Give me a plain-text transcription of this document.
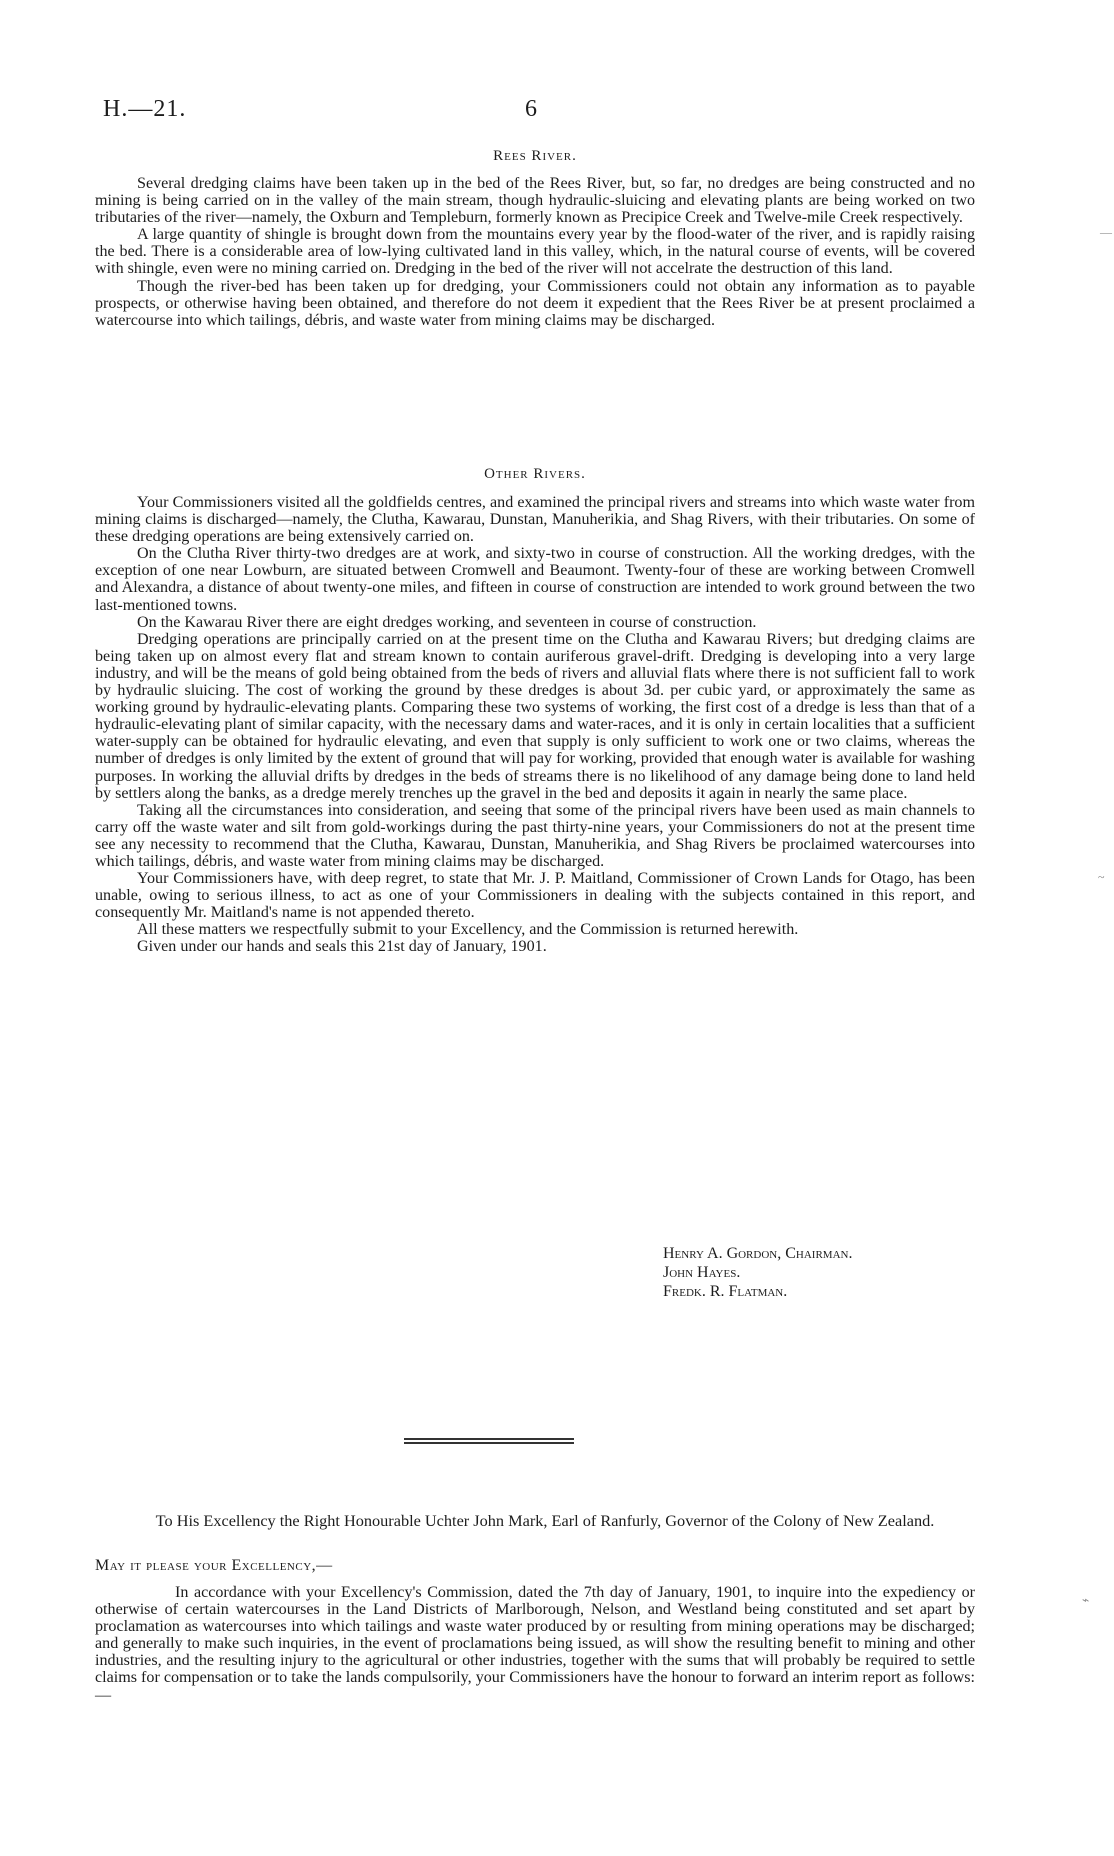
H.—21.	6
Rees River.

Several dredging claims have been taken up in the bed of the Rees River, but, so far, no dredges are being constructed and no mining is being carried on in the valley of the main stream, though hydraulic-sluicing and elevating plants are being worked on two tributaries of the river—namely, the Oxburn and Templeburn, formerly known as Precipice Creek and Twelve-mile Creek respectively.

A large quantity of shingle is brought down from the mountains every year by the flood-water of the river, and is rapidly raising the bed. There is a considerable area of low-lying cultivated land in this valley, which, in the natural course of events, will be covered with shingle, even were no mining carried on. Dredging in the bed of the river will not accelrate the destruction of this land.

Though the river-bed has been taken up for dredging, your Commissioners could not obtain any information as to payable prospects, or otherwise having been obtained, and therefore do not deem it expedient that the Rees River be at present proclaimed a watercourse into which tailings, débris, and waste water from mining claims may be discharged.

Other Rivers.

Your Commissioners visited all the goldfields centres, and examined the principal rivers and streams into which waste water from mining claims is discharged—namely, the Clutha, Kawarau, Dunstan, Manuherikia, and Shag Rivers, with their tributaries. On some of these dredging operations are being extensively carried on.

On the Clutha River thirty-two dredges are at work, and sixty-two in course of construction. All the working dredges, with the exception of one near Lowburn, are situated between Cromwell and Beaumont. Twenty-four of these are working between Cromwell and Alexandra, a distance of about twenty-one miles, and fifteen in course of construction are intended to work ground between the two last-mentioned towns.

On the Kawarau River there are eight dredges working, and seventeen in course of construction.

Dredging operations are principally carried on at the present time on the Clutha and Kawarau Rivers; but dredging claims are being taken up on almost every flat and stream known to contain auriferous gravel-drift. Dredging is developing into a very large industry, and will be the means of gold being obtained from the beds of rivers and alluvial flats where there is not sufficient fall to work by hydraulic sluicing. The cost of working the ground by these dredges is about 3d. per cubic yard, or approximately the same as working ground by hydraulic-elevating plants. Comparing these two systems of working, the first cost of a dredge is less than that of a hydraulic-elevating plant of similar capacity, with the necessary dams and water-races, and it is only in certain localities that a sufficient water-supply can be obtained for hydraulic elevating, and even that supply is only sufficient to work one or two claims, whereas the number of dredges is only limited by the extent of ground that will pay for working, provided that enough water is available for washing purposes. In working the alluvial drifts by dredges in the beds of streams there is no likelihood of any damage being done to land held by settlers along the banks, as a dredge merely trenches up the gravel in the bed and deposits it again in nearly the same place.

Taking all the circumstances into consideration, and seeing that some of the principal rivers have been used as main channels to carry off the waste water and silt from gold-workings during the past thirty-nine years, your Commissioners do not at the present time see any necessity to recommend that the Clutha, Kawarau, Dunstan, Manuherikia, and Shag Rivers be proclaimed watercourses into which tailings, débris, and waste water from mining claims may be discharged.

Your Commissioners have, with deep regret, to state that Mr. J. P. Maitland, Commissioner of Crown Lands for Otago, has been unable, owing to serious illness, to act as one of your Commissioners in dealing with the subjects contained in this report, and consequently Mr. Maitland's name is not appended thereto.

All these matters we respectfully submit to your Excellency, and the Commission is returned herewith.

Given under our hands and seals this 21st day of January, 1901.

Henry A. Gordon, Chairman.
John Hayes.
Fredk. R. Flatman.

To His Excellency the Right Honourable Uchter John Mark, Earl of Ranfurly, Governor of the Colony of New Zealand.

May it please your Excellency,—

In accordance with your Excellency's Commission, dated the 7th day of January, 1901, to inquire into the expediency or otherwise of certain watercourses in the Land Districts of Marlborough, Nelson, and Westland being constituted and set apart by proclamation as watercourses into which tailings and waste water produced by or resulting from mining operations may be discharged; and generally to make such inquiries, in the event of proclamations being issued, as will show the resulting benefit to mining and other industries, and the resulting injury to the agricultural or other industries, together with the sums that will probably be required to settle claims for compensation or to take the lands compulsorily, your Commissioners have the honour to forward an interim report as follows:—

—
~
⌁
